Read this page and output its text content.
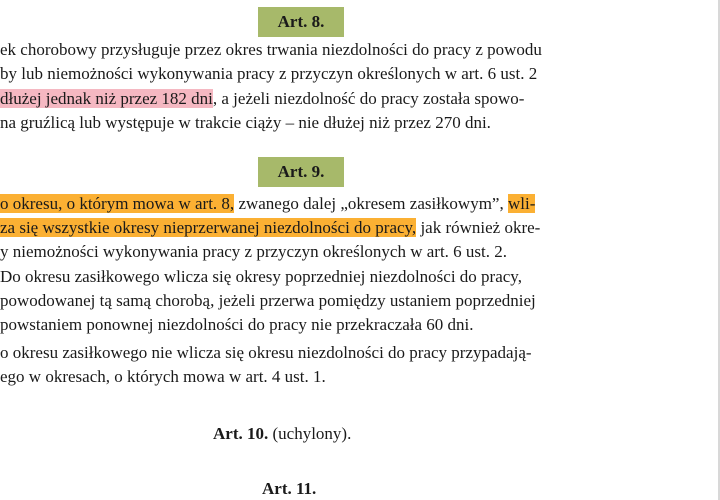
Art. 8.
ek chorobowy przysługuje przez okres trwania niezdolności do pracy z powodu
by lub niemożności wykonywania pracy z przyczyn określonych w art. 6 ust. 2
dłużej jednak niż przez 182 dni, a jeżeli niezdolność do pracy została spowo-
na gruźlicą lub występuje w trakcie ciąży – nie dłużej niż przez 270 dni.
Art. 9.
o okresu, o którym mowa w art. 8, zwanego dalej „okresem zasiłkowym”, wli-
za się wszystkie okresy nieprzerwanej niezdolności do pracy, jak również okre-
y niemożności wykonywania pracy z przyczyn określonych w art. 6 ust. 2.
Do okresu zasiłkowego wlicza się okresy poprzedniej niezdolności do pracy,
powodowanej tą samą chorobą, jeżeli przerwa pomiędzy ustaniem poprzedniej
powstaniem ponownej niezdolności do pracy nie przekraczała 60 dni.
o okresu zasiłkowego nie wlicza się okresu niezdolności do pracy przypadają-
ego w okresach, o których mowa w art. 4 ust. 1.
Art. 10. (uchylony).
Art. 11.
